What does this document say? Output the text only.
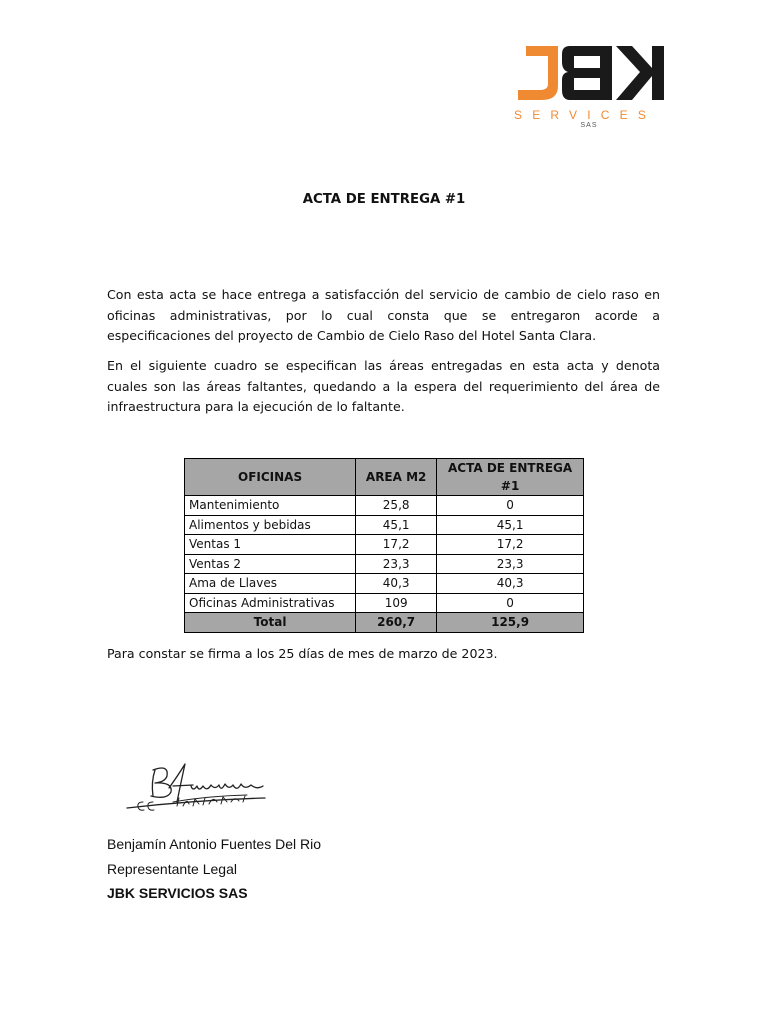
SERVICES
SAS
ACTA DE ENTREGA #1

Con esta acta se hace entrega a satisfacción del servicio de cambio de cielo raso en oficinas administrativas, por lo cual consta que se entregaron acorde a especificaciones del proyecto de Cambio de Cielo Raso del Hotel Santa Clara.

En el siguiente cuadro se especifican las áreas entregadas en esta acta y denota cuales son las áreas faltantes, quedando a la espera del requerimiento del área de infraestructura para la ejecución de lo faltante.

OFICINAS	AREA M2	ACTA DE ENTREGA #1
Mantenimiento	25,8	0
Alimentos y bebidas	45,1	45,1
Ventas 1	17,2	17,2
Ventas 2	23,3	23,3
Ama de Llaves	40,3	40,3
Oficinas Administrativas	109	0
Total	260,7	125,9

Para constar se firma a los 25 días de mes de marzo de 2023.

Benjamín Antonio Fuentes Del Rio

Representante Legal

JBK SERVICIOS SAS
